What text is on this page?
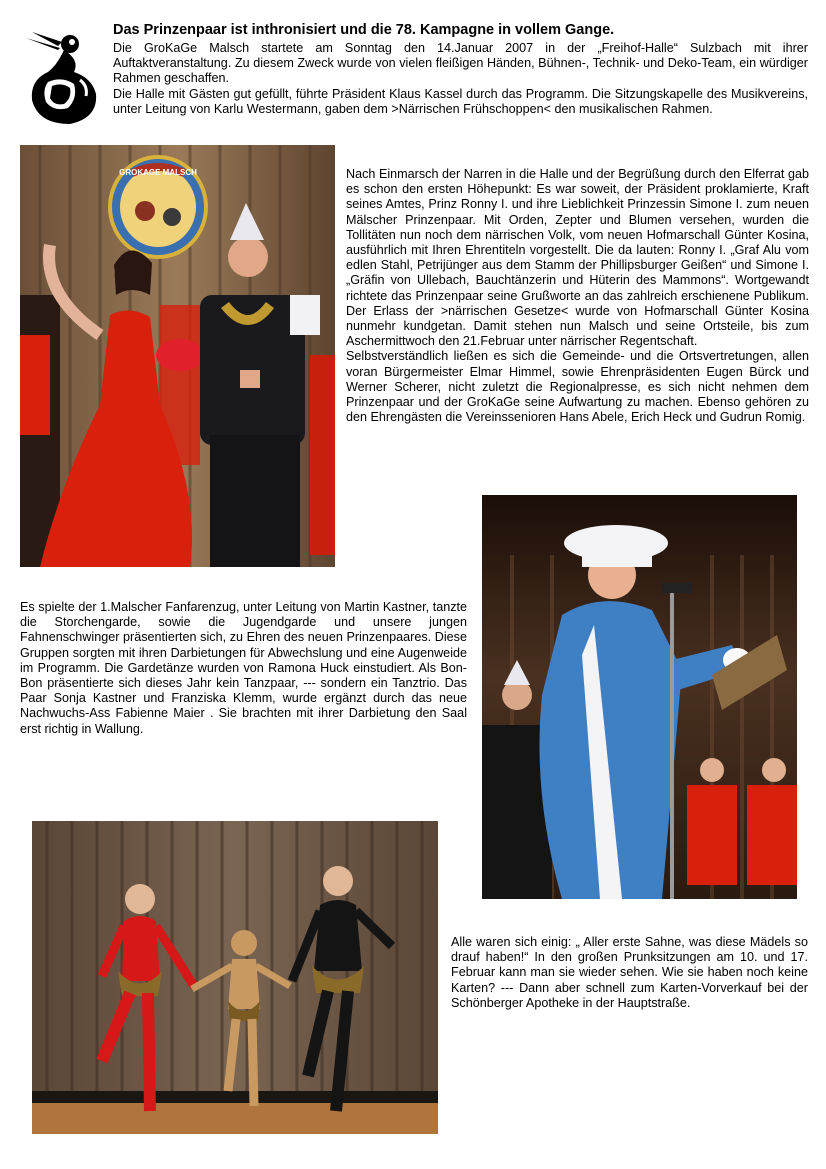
Das Prinzenpaar ist inthronisiert und die 78. Kampagne in vollem Gange.

Die GroKaGe Malsch startete am Sonntag den 14.Januar 2007 in der „Freihof-Halle“ Sulzbach mit ihrer Auftaktveranstaltung. Zu diesem Zweck wurde von vielen fleißigen Händen, Bühnen-, Technik- und Deko-Team, ein würdiger Rahmen geschaffen.

Die Halle mit Gästen gut gefüllt, führte Präsident Klaus Kassel durch das Programm. Die Sitzungskapelle des Musikvereins, unter Leitung von Karlu Westermann, gaben dem >Närrischen Frühschoppen< den musikalischen Rahmen.

GROKAGE MALSCH	Nach Einmarsch der Narren in die Halle und der Begrüßung durch den Elferrat gab es schon den ersten Höhepunkt: Es war soweit, der Präsident proklamierte, Kraft seines Amtes, Prinz Ronny I. und ihre Lieblichkeit Prinzessin Simone I. zum neuen Mälscher Prinzenpaar. Mit Orden, Zepter und Blumen versehen, wurden die Tollitäten nun noch dem närrischen Volk, vom neuen Hofmarschall Günter Kosina, ausführlich mit Ihren Ehrentiteln vorgestellt. Die da lauten: Ronny I. „Graf Alu vom edlen Stahl, Petrijünger aus dem Stamm der Phillipsburger Geißen“ und Simone I. „Gräfin von Ullebach, Bauchtänzerin und Hüterin des Mammons“. Wortgewandt richtete das Prinzenpaar seine Grußworte an das zahlreich erschienene Publikum. Der Erlass der >närrischen Gesetze< wurde von Hofmarschall Günter Kosina nunmehr kundgetan. Damit stehen nun Malsch und seine Ortsteile, bis zum Aschermittwoch den 21.Februar unter närrischer Regentschaft.

Selbstverständlich ließen es sich die Gemeinde- und die Ortsvertretungen, allen voran Bürgermeister Elmar Himmel, sowie Ehrenpräsidenten Eugen Bürck und Werner Scherer, nicht zuletzt die Regionalpresse, es sich nicht nehmen dem Prinzenpaar und der GroKaGe seine Aufwartung zu machen. Ebenso gehören zu den Ehrengästen die Vereinssenioren Hans Abele, Erich Heck und Gudrun Romig.

Es spielte der 1.Malscher Fanfarenzug, unter Leitung von Martin Kastner, tanzte die Storchengarde, sowie die Jugendgarde und unsere jungen Fahnenschwinger präsentierten sich, zu Ehren des neuen Prinzenpaares. Diese Gruppen sorgten mit ihren Darbietungen für Abwechslung und eine Augenweide im Programm. Die Gardetänze wurden von Ramona Huck einstudiert. Als Bon-Bon präsentierte sich dieses Jahr kein Tanzpaar, --- sondern ein Tanztrio. Das Paar Sonja Kastner und Franziska Klemm, wurde ergänzt durch das neue Nachwuchs-Ass Fabienne Maier . Sie brachten mit ihrer Darbietung den Saal erst richtig in Wallung.
Alle waren sich einig: „ Aller erste Sahne, was diese Mädels so drauf haben!“ In den großen Prunksitzungen am 10. und 17. Februar kann man sie wieder sehen. Wie sie haben noch keine Karten? --- Dann aber schnell zum Karten-Vorverkauf bei der Schönberger Apotheke in der Hauptstraße.
